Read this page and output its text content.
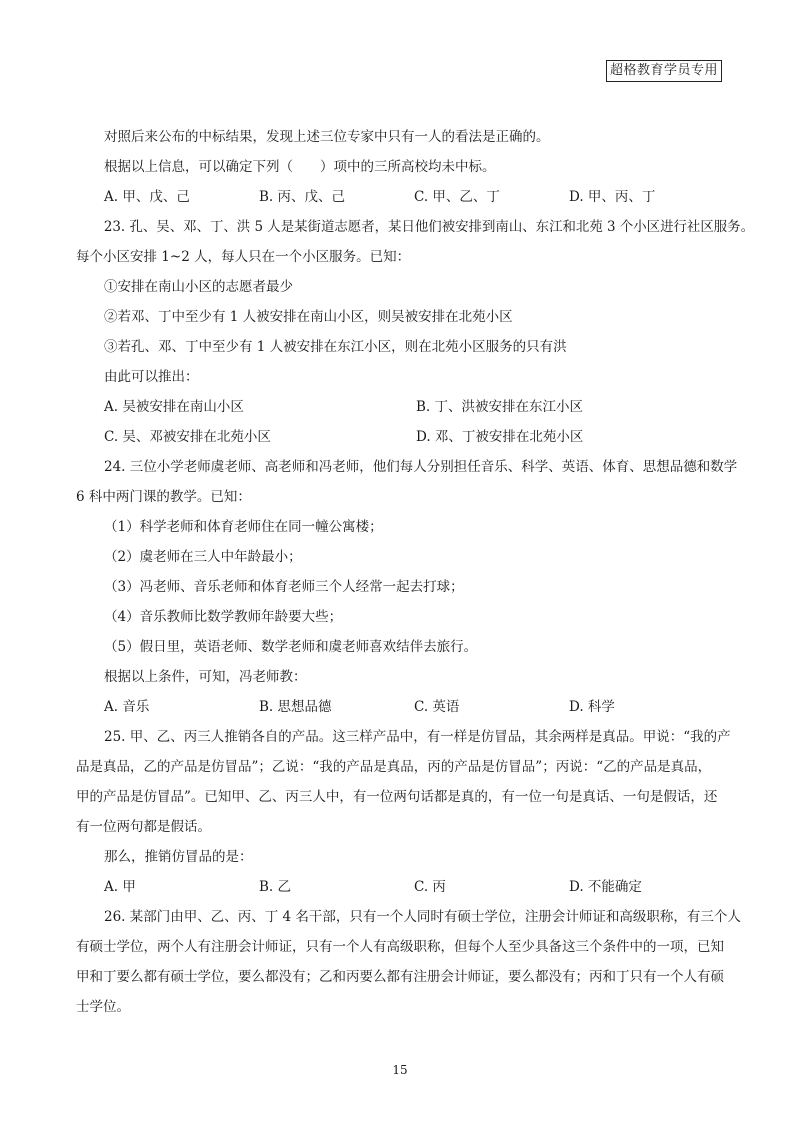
超格教育学员专用
对照后来公布的中标结果，发现上述三位专家中只有一人的看法是正确的。
根据以上信息，可以确定下列（　　）项中的三所高校均未中标。
A. 甲、戊、己	B. 丙、戊、己	C. 甲、乙、丁	D. 甲、丙、丁
23. 孔、吴、邓、丁、洪 5 人是某街道志愿者，某日他们被安排到南山、东江和北苑 3 个小区进行社区服务。
每个小区安排 1~2 人，每人只在一个小区服务。已知：
①安排在南山小区的志愿者最少
②若邓、丁中至少有 1 人被安排在南山小区，则吴被安排在北苑小区
③若孔、邓、丁中至少有 1 人被安排在东江小区，则在北苑小区服务的只有洪
由此可以推出：
A. 吴被安排在南山小区	B. 丁、洪被安排在东江小区
C. 吴、邓被安排在北苑小区	D. 邓、丁被安排在北苑小区
24. 三位小学老师虞老师、高老师和冯老师，他们每人分别担任音乐、科学、英语、体育、思想品德和数学
6 科中两门课的教学。已知：
（1）科学老师和体育老师住在同一幢公寓楼；
（2）虞老师在三人中年龄最小；
（3）冯老师、音乐老师和体育老师三个人经常一起去打球；
（4）音乐教师比数学教师年龄要大些；
（5）假日里，英语老师、数学老师和虞老师喜欢结伴去旅行。
根据以上条件，可知，冯老师教：
A. 音乐	B. 思想品德	C. 英语	D. 科学
25. 甲、乙、丙三人推销各自的产品。这三样产品中，有一样是仿冒品，其余两样是真品。甲说：“我的产
品是真品，乙的产品是仿冒品”；乙说：“我的产品是真品，丙的产品是仿冒品”；丙说：“乙的产品是真品，
甲的产品是仿冒品”。已知甲、乙、丙三人中，有一位两句话都是真的，有一位一句是真话、一句是假话，还
有一位两句都是假话。
那么，推销仿冒品的是：
A. 甲	B. 乙	C. 丙	D. 不能确定
26. 某部门由甲、乙、丙、丁 4 名干部，只有一个人同时有硕士学位，注册会计师证和高级职称，有三个人
有硕士学位，两个人有注册会计师证，只有一个人有高级职称，但每个人至少具备这三个条件中的一项，已知
甲和丁要么都有硕士学位，要么都没有；乙和丙要么都有注册会计师证，要么都没有；丙和丁只有一个人有硕
士学位。
15
